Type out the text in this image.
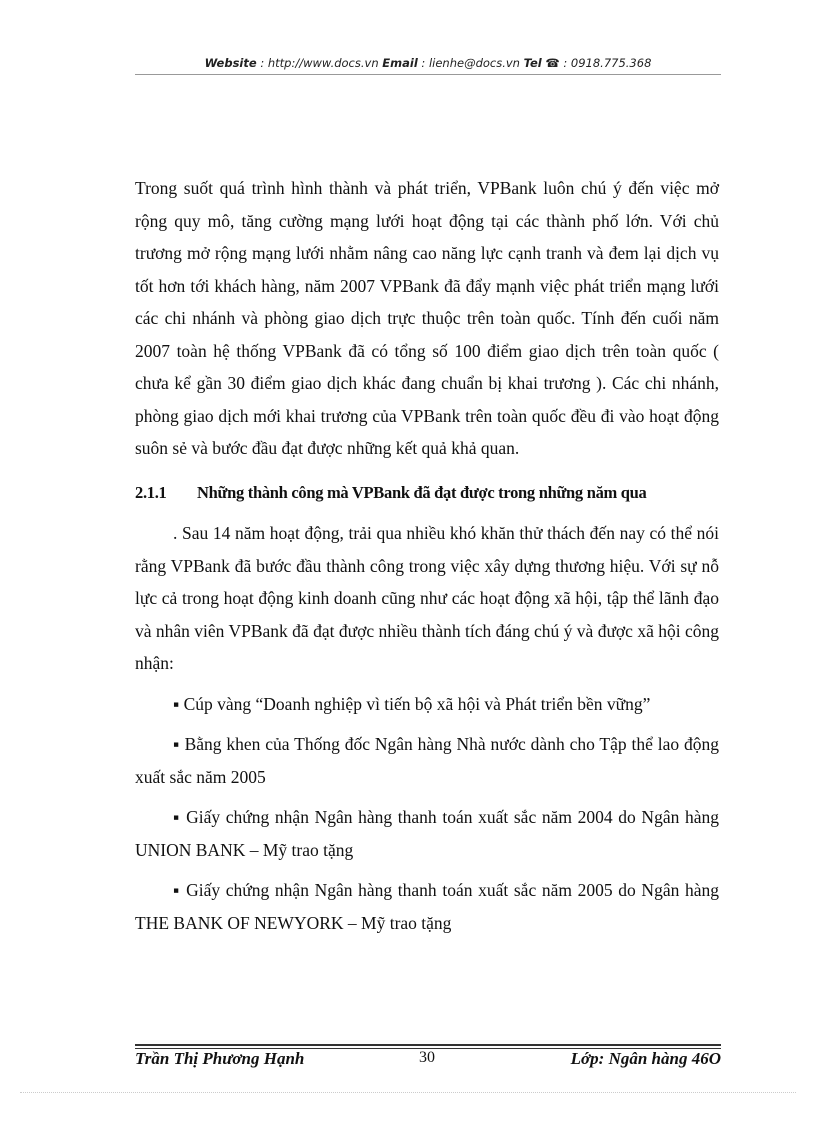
Website : http://www.docs.vn Email : lienhe@docs.vn Tel ☎ : 0918.775.368

Trong suốt quá trình hình thành và phát triển, VPBank luôn chú ý đến việc mở rộng quy mô, tăng cường mạng lưới hoạt động tại các thành phố lớn. Với chủ trương mở rộng mạng lưới nhằm nâng cao năng lực cạnh tranh và đem lại dịch vụ tốt hơn tới khách hàng, năm 2007 VPBank đã đẩy mạnh việc phát triển mạng lưới các chi nhánh và phòng giao dịch trực thuộc trên toàn quốc. Tính đến cuối năm 2007 toàn hệ thống VPBank đã có tổng số 100 điểm giao dịch trên toàn quốc ( chưa kể gần 30 điểm giao dịch khác đang chuẩn bị khai trương ). Các chi nhánh, phòng giao dịch mới khai trương của VPBank trên toàn quốc đều đi vào hoạt động suôn sẻ và bước đầu đạt được những kết quả khả quan.

2.1.1 Những thành công mà VPBank đã đạt được trong những năm qua

. Sau 14 năm hoạt động, trải qua nhiều khó khăn thử thách đến nay có thể nói rằng VPBank đã bước đầu thành công trong việc xây dựng thương hiệu. Với sự nỗ lực cả trong hoạt động kinh doanh cũng như các hoạt động xã hội, tập thể lãnh đạo và nhân viên VPBank đã đạt được nhiều thành tích đáng chú ý và được xã hội công nhận:

▪ Cúp vàng “Doanh nghiệp vì tiến bộ xã hội và Phát triển bền vững”

▪ Bằng khen của Thống đốc Ngân hàng Nhà nước dành cho Tập thể lao động xuất sắc năm 2005

▪ Giấy chứng nhận Ngân hàng thanh toán xuất sắc năm 2004 do Ngân hàng UNION BANK – Mỹ trao tặng

▪ Giấy chứng nhận Ngân hàng thanh toán xuất sắc năm 2005 do Ngân hàng THE BANK OF NEWYORK – Mỹ trao tặng

Trần Thị Phương Hạnh	30	Lớp: Ngân hàng 46O
